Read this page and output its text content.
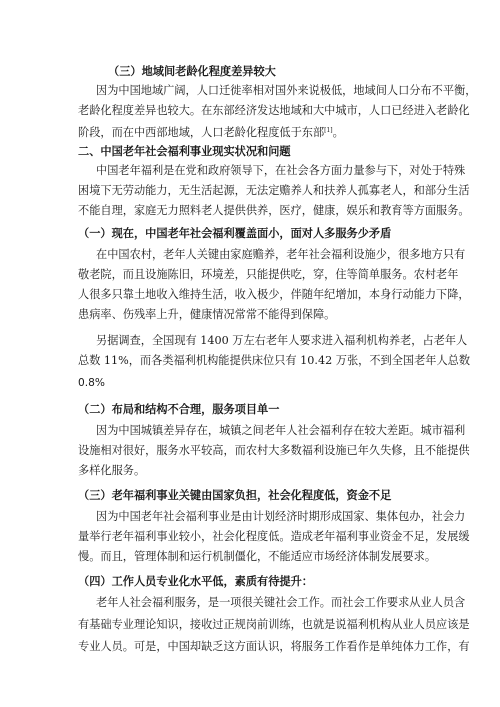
（三）地域间老龄化程度差异较大
因为中国地域广阔，人口迁徙率相对国外来说极低，地域间人口分布不平衡，
老龄化程度差异也较大。在东部经济发达地域和大中城市，人口已经进入老龄化
阶段，而在中西部地域，人口老龄化程度低于东部[1]。
二、中国老年社会福利事业现实状况和问题
中国老年福利是在党和政府领导下，在社会各方面力量参与下，对处于特殊
困境下无劳动能力，无生活起源，无法定赡养人和扶养人孤寡老人，和部分生活
不能自理，家庭无力照料老人提供供养，医疗，健康，娱乐和教育等方面服务。
（一）现在，中国老年社会福利覆盖面小，面对人多服务少矛盾
在中国农村，老年人关键由家庭赡养，老年社会福利设施少，很多地方只有
敬老院，而且设施陈旧，环境差，只能提供吃，穿，住等简单服务。农村老年
人很多只靠土地收入维持生活，收入极少，伴随年纪增加，本身行动能力下降，
患病率、伤残率上升，健康情况常常不能得到保障。
另据调查，全国现有 1400 万左右老年人要求进入福利机构养老，占老年人
总数 11%，而各类福利机构能提供床位只有 10.42 万张，不到全国老年人总数
0.8%
（二）布局和结构不合理，服务项目单一
因为中国城镇差异存在，城镇之间老年人社会福利存在较大差距。城市福利
设施相对很好，服务水平较高，而农村大多数福利设施已年久失修，且不能提供
多样化服务。
（三）老年福利事业关键由国家负担，社会化程度低，资金不足
因为中国老年社会福利事业是由计划经济时期形成国家、集体包办，社会力
量举行老年福利事业较小，社会化程度低。造成老年福利事业资金不足，发展缓
慢。而且，管理体制和运行机制僵化，不能适应市场经济体制发展要求。
（四）工作人员专业化水平低，素质有待提升：
老年人社会福利服务，是一项很关键社会工作。而社会工作要求从业人员含
有基础专业理论知识，接收过正规岗前训练，也就是说福利机构从业人员应该是
专业人员。可是，中国却缺乏这方面认识，将服务工作看作是单纯体力工作，有
